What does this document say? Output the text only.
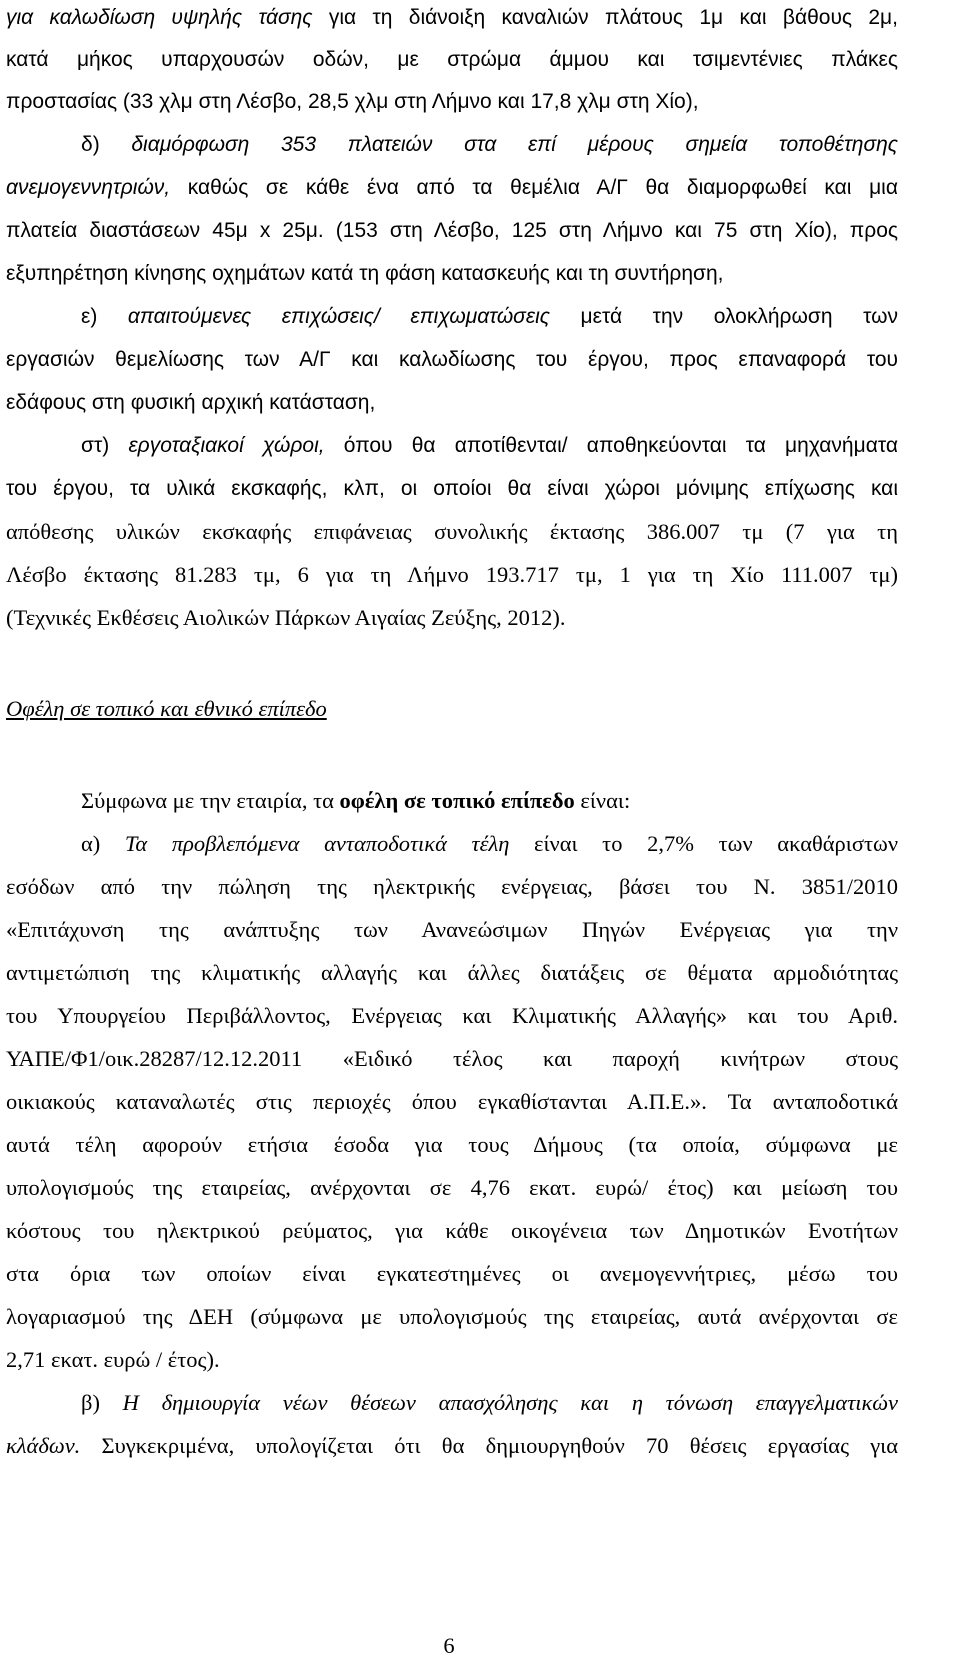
για καλωδίωση υψηλής τάσης για τη διάνοιξη καναλιών πλάτους 1μ και βάθους 2μ,
κατά μήκος υπαρχουσών οδών, με στρώμα άμμου και τσιμεντένιες πλάκες
προστασίας (33 χλμ στη Λέσβο, 28,5 χλμ στη Λήμνο και 17,8 χλμ στη Χίο),
δ) διαμόρφωση 353 πλατειών στα επί μέρους σημεία τοποθέτησης
ανεμογεννητριών, καθώς σε κάθε ένα από τα θεμέλια Α/Γ θα διαμορφωθεί και μια
πλατεία διαστάσεων 45μ x 25μ. (153 στη Λέσβο, 125 στη Λήμνο και 75 στη Χίο), προς
εξυπηρέτηση κίνησης οχημάτων κατά τη φάση κατασκευής και τη συντήρηση,
ε) απαιτούμενες επιχώσεις/ επιχωματώσεις μετά την ολοκλήρωση των
εργασιών θεμελίωσης των Α/Γ και καλωδίωσης του έργου, προς επαναφορά του
εδάφους στη φυσική αρχική κατάσταση,
στ) εργοταξιακοί χώροι, όπου θα αποτίθενται/ αποθηκεύονται τα μηχανήματα
του έργου, τα υλικά εκσκαφής, κλπ, οι οποίοι θα είναι χώροι μόνιμης επίχωσης και
απόθεσης υλικών εκσκαφής επιφάνειας συνολικής έκτασης 386.007 τμ (7 για τη
Λέσβο έκτασης 81.283 τμ, 6 για τη Λήμνο 193.717 τμ, 1 για τη Χίο 111.007 τμ)
(Τεχνικές Εκθέσεις Αιολικών Πάρκων Αιγαίας Ζεύξης, 2012).
Οφέλη σε τοπικό και εθνικό επίπεδο
Σύμφωνα με την εταιρία, τα οφέλη σε τοπικό επίπεδο είναι:
α) Τα προβλεπόμενα ανταποδοτικά τέλη είναι το 2,7% των ακαθάριστων
εσόδων από την πώληση της ηλεκτρικής ενέργειας, βάσει του Ν. 3851/2010
«Επιτάχυνση της ανάπτυξης των Ανανεώσιμων Πηγών Ενέργειας για την
αντιμετώπιση της κλιματικής αλλαγής και άλλες διατάξεις σε θέματα αρμοδιότητας
του Υπουργείου Περιβάλλοντος, Ενέργειας και Κλιματικής Αλλαγής» και του Αριθ.
ΥΑΠΕ/Φ1/οικ.28287/12.12.2011 «Ειδικό τέλος και παροχή κινήτρων στους
οικιακούς καταναλωτές στις περιοχές όπου εγκαθίστανται Α.Π.Ε.». Τα ανταποδοτικά
αυτά τέλη αφορούν ετήσια έσοδα για τους Δήμους (τα οποία, σύμφωνα με
υπολογισμούς της εταιρείας, ανέρχονται σε 4,76 εκατ. ευρώ/ έτος) και μείωση του
κόστους του ηλεκτρικού ρεύματος, για κάθε οικογένεια των Δημοτικών Ενοτήτων
στα όρια των οποίων είναι εγκατεστημένες οι ανεμογεννήτριες, μέσω του
λογαριασμού της ΔΕΗ (σύμφωνα με υπολογισμούς της εταιρείας, αυτά ανέρχονται σε
2,71 εκατ. ευρώ / έτος).
β) Η δημιουργία νέων θέσεων απασχόλησης και η τόνωση επαγγελματικών
κλάδων. Συγκεκριμένα, υπολογίζεται ότι θα δημιουργηθούν 70 θέσεις εργασίας για
6
